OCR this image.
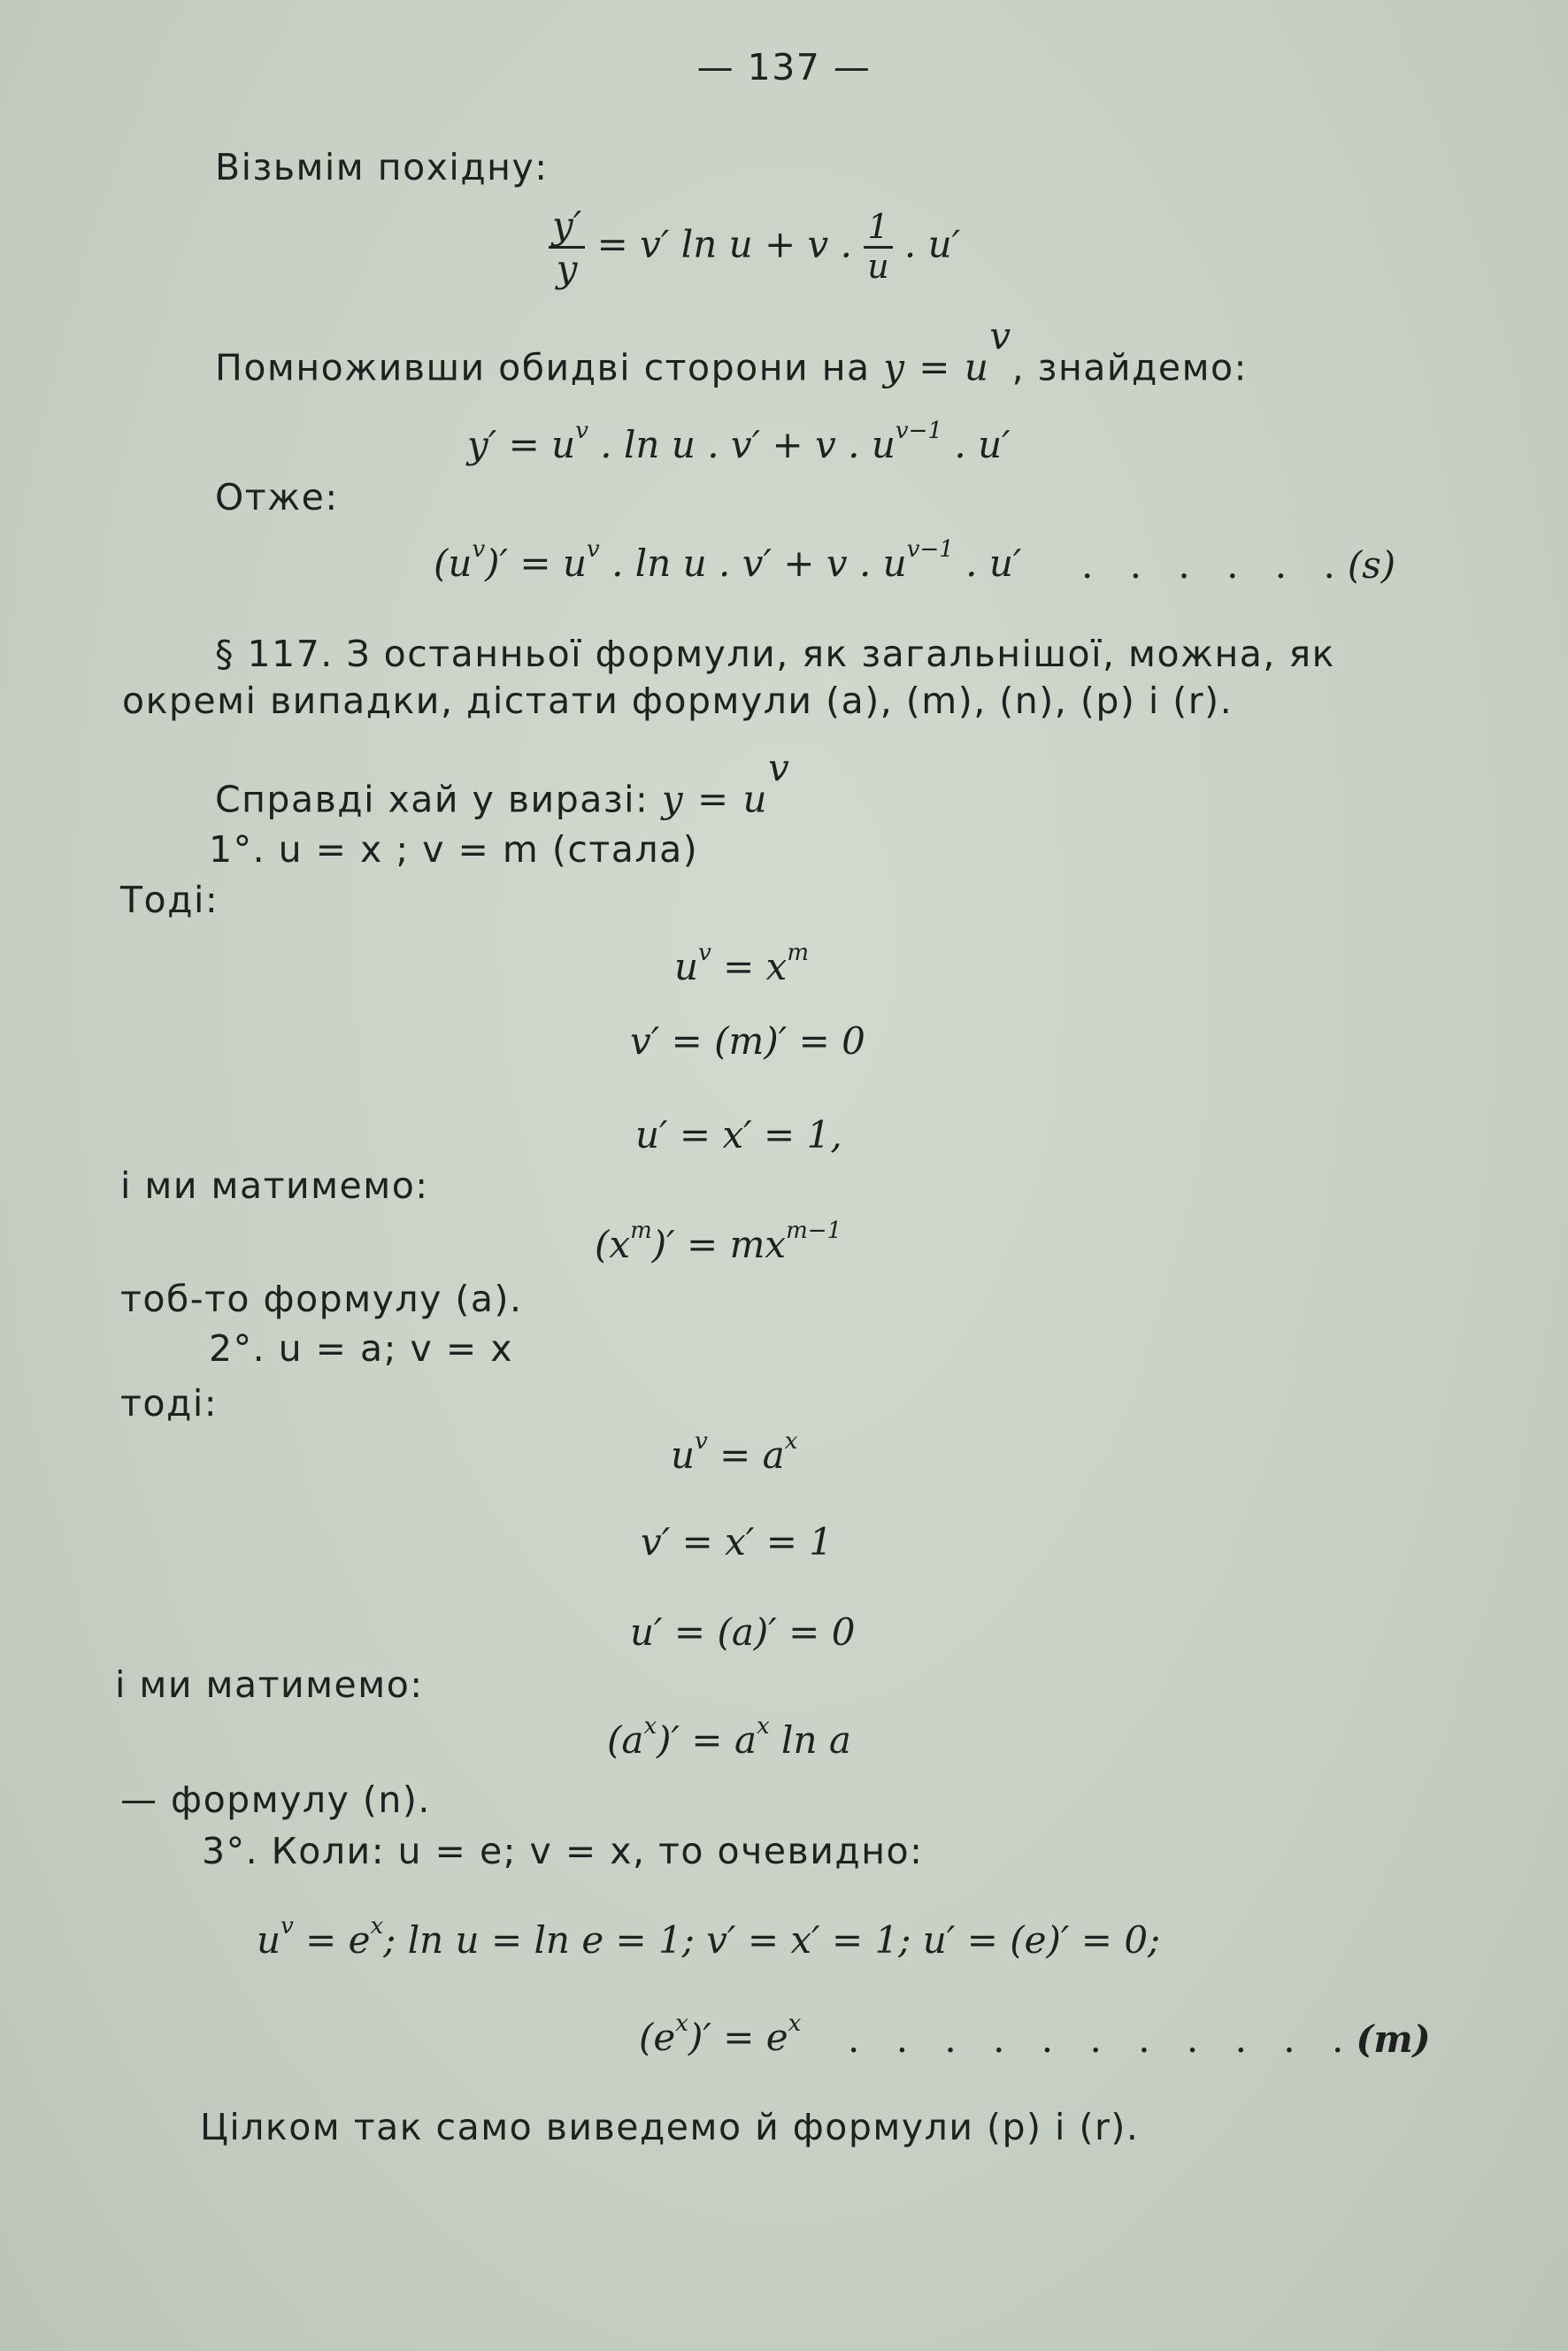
— 137 —
Візьмім похідну:
$\frac{y'}{y} = v'$ ln u + v . $\frac{1}{u}$ . u′
Помноживши обидві сторони на $y = u^v$, знайдемо:
$y' = u^v$ . ln u . v′ + v . $u^{v-1}$ . u′
Отже:
$(u^v)' = u^v$ . ln u . v′ + v . $u^{v-1}$ . u′ . . . . . .(s)
§ 117. З останньої формули, як загальнішої, можна, як
окремі випадки, дістати формули (а), (m), (n), (p) і (r).
Справді хай у виразі: $y = u^v$
1°. u = x ; v = m (стала)
Тоді:
$u^v = x^m$
v′ = (m)′ = 0
u′ = x′ = 1,
і ми матимемо:
$(x^m)' = mx^{m-1}$
тоб-то формулу (a).
2°. u = a; v = x
тоді:
$u^v = a^x$
v′ = x′ = 1
u′ = (a)′ = 0
і ми матимемо:
$(a^x)' = a^x$ ln a
— формулу (n).
3°. Коли: u = e; v = x, то очевидно:
$u^v = e^x$; ln u = ln e = 1; v′ = x′ = 1; u′ = (e)′ = 0;
$(e^x)' = e^x$ . . . . . . . . . . .(m)
Цілком так само виведемо й формули (p) і (r).
